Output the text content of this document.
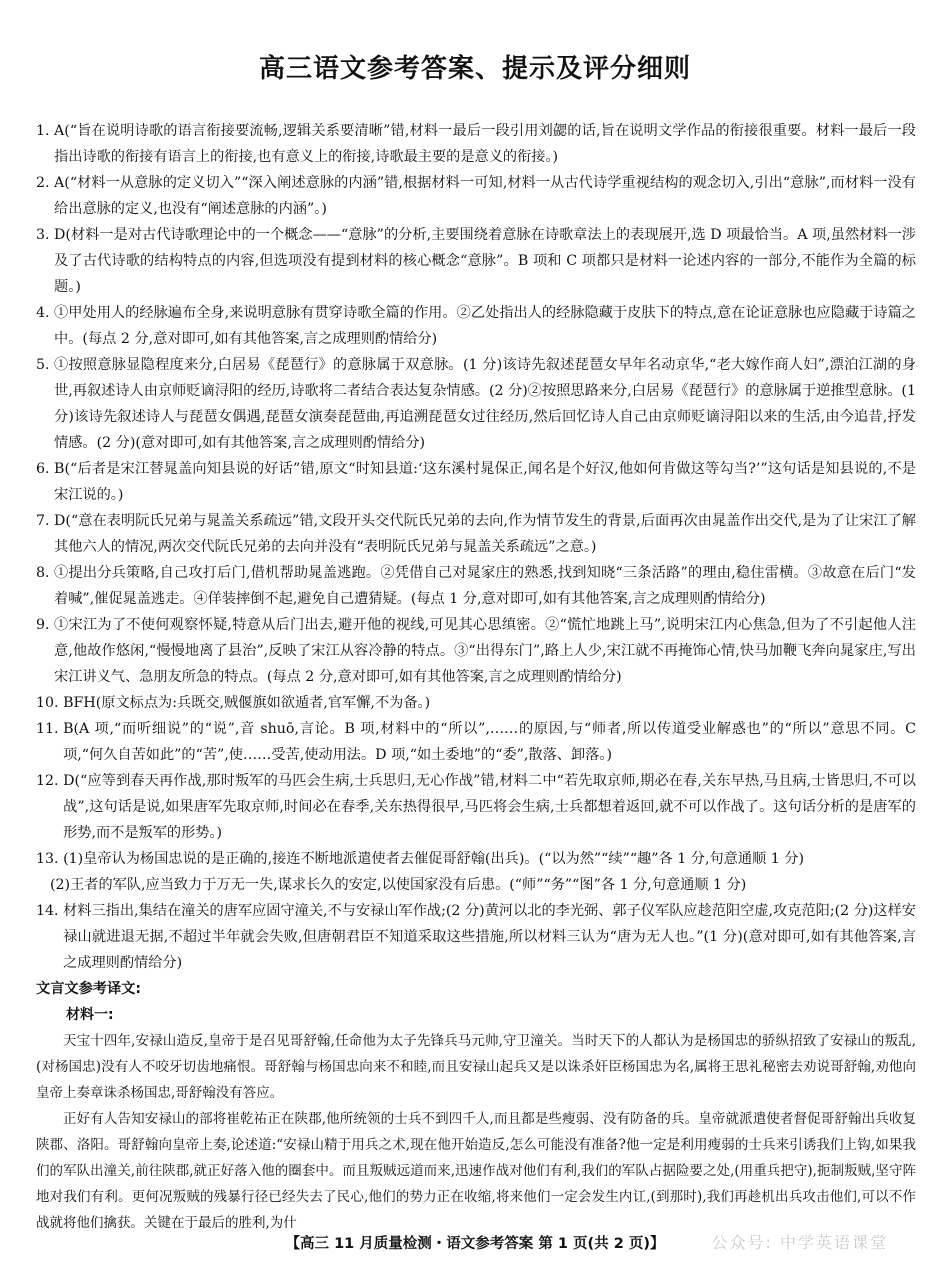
高三语文参考答案、提示及评分细则
1. A(“旨在说明诗歌的语言衔接要流畅,逻辑关系要清晰”错,材料一最后一段引用刘勰的话,旨在说明文学作品的衔接很重要。材料一最后一段指出诗歌的衔接有语言上的衔接,也有意义上的衔接,诗歌最主要的是意义的衔接。)
2. A(“材料一从意脉的定义切入”“深入阐述意脉的内涵”错,根据材料一可知,材料一从古代诗学重视结构的观念切入,引出“意脉”,而材料一没有给出意脉的定义,也没有“阐述意脉的内涵”。)
3. D(材料一是对古代诗歌理论中的一个概念——“意脉”的分析,主要围绕着意脉在诗歌章法上的表现展开,选 D 项最恰当。A 项,虽然材料一涉及了古代诗歌的结构特点的内容,但选项没有提到材料的核心概念“意脉”。B 项和 C 项都只是材料一论述内容的一部分,不能作为全篇的标题。)
4. ①甲处用人的经脉遍布全身,来说明意脉有贯穿诗歌全篇的作用。②乙处指出人的经脉隐藏于皮肤下的特点,意在论证意脉也应隐藏于诗篇之中。(每点 2 分,意对即可,如有其他答案,言之成理则酌情给分)
5. ①按照意脉显隐程度来分,白居易《琵琶行》的意脉属于双意脉。(1 分)该诗先叙述琵琶女早年名动京华,“老大嫁作商人妇”,漂泊江湖的身世,再叙述诗人由京师贬谪浔阳的经历,诗歌将二者结合表达复杂情感。(2 分)②按照思路来分,白居易《琵琶行》的意脉属于逆推型意脉。(1 分)该诗先叙述诗人与琵琶女偶遇,琵琶女演奏琵琶曲,再追溯琵琶女过往经历,然后回忆诗人自己由京师贬谪浔阳以来的生活,由今追昔,抒发情感。(2 分)(意对即可,如有其他答案,言之成理则酌情给分)
6. B(“后者是宋江替晁盖向知县说的好话”错,原文“时知县道:‘这东溪村晁保正,闻名是个好汉,他如何肯做这等勾当?’”这句话是知县说的,不是宋江说的。)
7. D(“意在表明阮氏兄弟与晁盖关系疏远”错,文段开头交代阮氏兄弟的去向,作为情节发生的背景,后面再次由晁盖作出交代,是为了让宋江了解其他六人的情况,两次交代阮氏兄弟的去向并没有“表明阮氏兄弟与晁盖关系疏远”之意。)
8. ①提出分兵策略,自己攻打后门,借机帮助晁盖逃跑。②凭借自己对晁家庄的熟悉,找到知晓“三条活路”的理由,稳住雷横。③故意在后门“发着喊”,催促晁盖逃走。④佯装摔倒不起,避免自己遭猜疑。(每点 1 分,意对即可,如有其他答案,言之成理则酌情给分)
9. ①宋江为了不使何观察怀疑,特意从后门出去,避开他的视线,可见其心思缜密。②“慌忙地跳上马”,说明宋江内心焦急,但为了不引起他人注意,他故作悠闲,“慢慢地离了县治”,反映了宋江从容冷静的特点。③“出得东门”,路上人少,宋江就不再掩饰心情,快马加鞭飞奔向晁家庄,写出宋江讲义气、急朋友所急的特点。(每点 2 分,意对即可,如有其他答案,言之成理则酌情给分)
10. BFH(原文标点为:兵既交,贼偃旗如欲遁者,官军懈,不为备。)
11. B(A 项,“而听细说”的“说”,音 shuō,言论。B 项,材料中的“所以”,……的原因,与“师者,所以传道受业解惑也”的“所以”意思不同。C 项,“何久自苦如此”的“苦”,使……受苦,使动用法。D 项,“如土委地”的“委”,散落、卸落。)
12. D(“应等到春天再作战,那时叛军的马匹会生病,士兵思归,无心作战”错,材料二中“若先取京师,期必在春,关东早热,马且病,士皆思归,不可以战”,这句话是说,如果唐军先取京师,时间必在春季,关东热得很早,马匹将会生病,士兵都想着返回,就不可以作战了。这句话分析的是唐军的形势,而不是叛军的形势。)
13. (1)皇帝认为杨国忠说的是正确的,接连不断地派遣使者去催促哥舒翰(出兵)。(“以为然”“续”“趣”各 1 分,句意通顺 1 分)
(2)王者的军队,应当致力于万无一失,谋求长久的安定,以使国家没有后患。(“师”“务”“图”各 1 分,句意通顺 1 分)
14. 材料三指出,集结在潼关的唐军应固守潼关,不与安禄山军作战;(2 分)黄河以北的李光弼、郭子仪军队应趁范阳空虚,攻克范阳;(2 分)这样安禄山就进退无据,不超过半年就会失败,但唐朝君臣不知道采取这些措施,所以材料三认为“唐为无人也。”(1 分)(意对即可,如有其他答案,言之成理则酌情给分)
文言文参考译文:
材料一:
天宝十四年,安禄山造反,皇帝于是召见哥舒翰,任命他为太子先锋兵马元帅,守卫潼关。当时天下的人都认为是杨国忠的骄纵招致了安禄山的叛乱,(对杨国忠)没有人不咬牙切齿地痛恨。哥舒翰与杨国忠向来不和睦,而且安禄山起兵又是以诛杀奸臣杨国忠为名,属将王思礼秘密去劝说哥舒翰,劝他向皇帝上奏章诛杀杨国忠,哥舒翰没有答应。
正好有人告知安禄山的部将崔乾祐正在陕郡,他所统领的士兵不到四千人,而且都是些瘦弱、没有防备的兵。皇帝就派遣使者督促哥舒翰出兵收复陕郡、洛阳。哥舒翰向皇帝上奏,论述道:“安禄山精于用兵之术,现在他开始造反,怎么可能没有准备?他一定是利用瘦弱的士兵来引诱我们上钩,如果我们的军队出潼关,前往陕郡,就正好落入他的圈套中。而且叛贼远道而来,迅速作战对他们有利,我们的军队占据险要之处,(用重兵把守),扼制叛贼,坚守阵地对我们有利。更何况叛贼的残暴行径已经失去了民心,他们的势力正在收缩,将来他们一定会发生内讧,(到那时),我们再趁机出兵攻击他们,可以不作战就将他们擒获。关键在于最后的胜利,为什
【高三 11 月质量检测・语文参考答案 第 1 页(共 2 页)】	公众号: 中学英语课堂
